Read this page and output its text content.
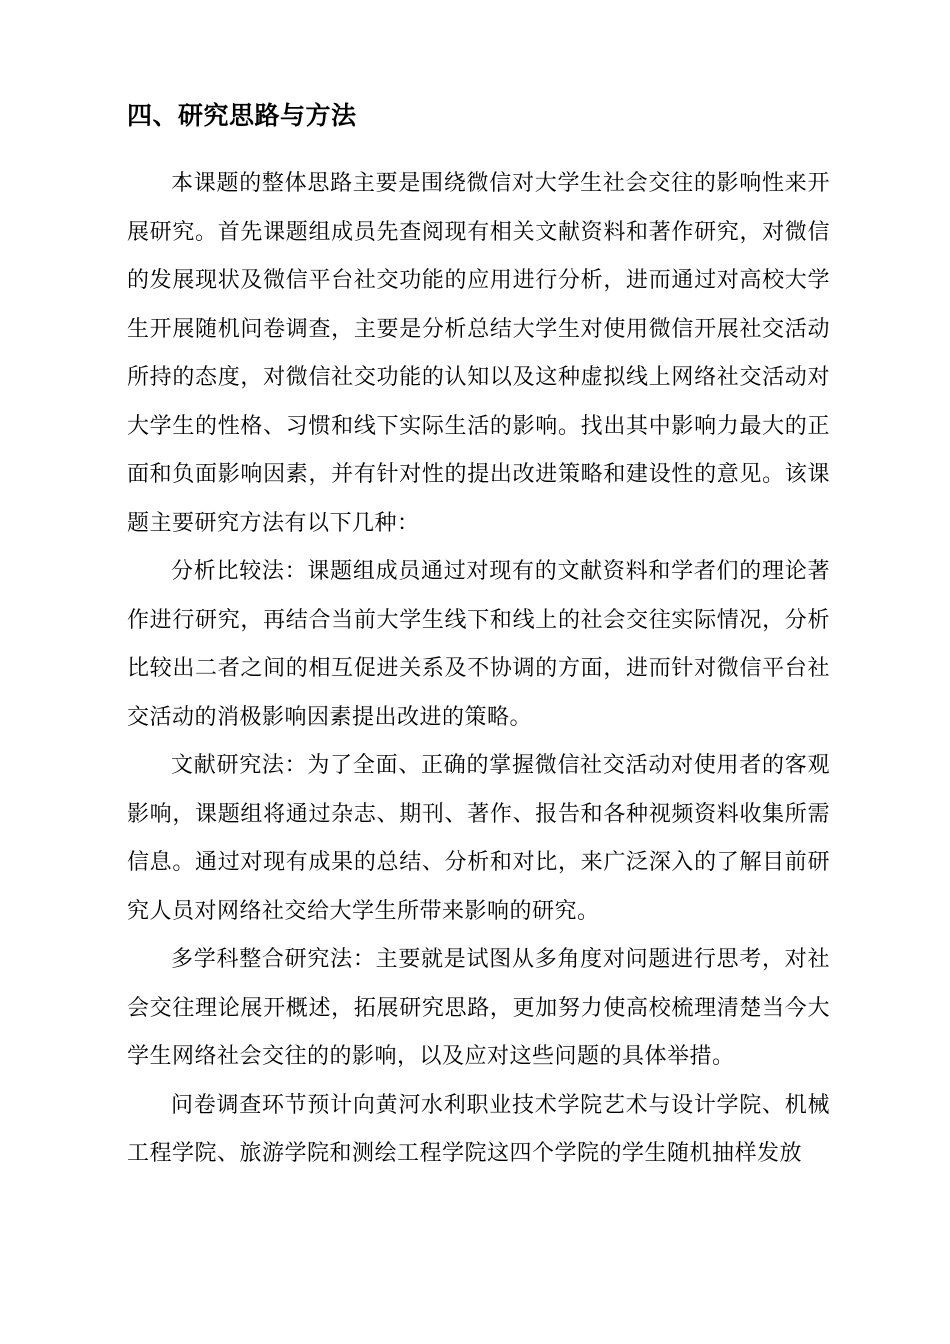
四、研究思路与方法

本课题的整体思路主要是围绕微信对大学生社会交往的影响性来开展研究。首先课题组成员先查阅现有相关文献资料和著作研究，对微信的发展现状及微信平台社交功能的应用进行分析，进而通过对高校大学生开展随机问卷调查，主要是分析总结大学生对使用微信开展社交活动所持的态度，对微信社交功能的认知以及这种虚拟线上网络社交活动对大学生的性格、习惯和线下实际生活的影响。找出其中影响力最大的正面和负面影响因素，并有针对性的提出改进策略和建设性的意见。该课题主要研究方法有以下几种：

分析比较法：课题组成员通过对现有的文献资料和学者们的理论著作进行研究，再结合当前大学生线下和线上的社会交往实际情况，分析比较出二者之间的相互促进关系及不协调的方面，进而针对微信平台社交活动的消极影响因素提出改进的策略。

文献研究法：为了全面、正确的掌握微信社交活动对使用者的客观影响，课题组将通过杂志、期刊、著作、报告和各种视频资料收集所需信息。通过对现有成果的总结、分析和对比，来广泛深入的了解目前研究人员对网络社交给大学生所带来影响的研究。

多学科整合研究法：主要就是试图从多角度对问题进行思考，对社会交往理论展开概述，拓展研究思路，更加努力使高校梳理清楚当今大学生网络社会交往的的影响，以及应对这些问题的具体举措。

问卷调查环节预计向黄河水利职业技术学院艺术与设计学院、机械工程学院、旅游学院和测绘工程学院这四个学院的学生随机抽样发放
